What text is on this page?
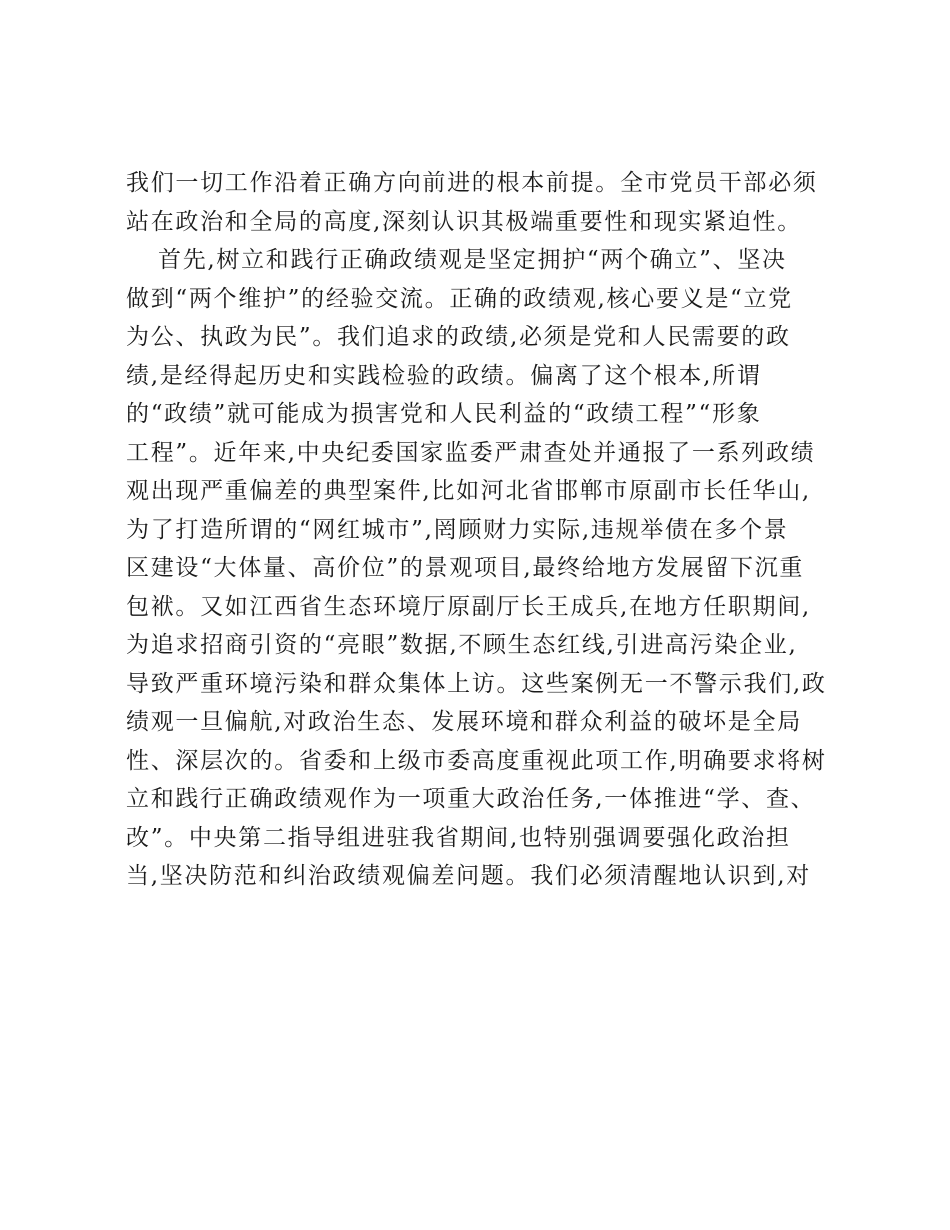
我们一切工作沿着正确方向前进的根本前提。全市党员干部必须
站在政治和全局的高度,深刻认识其极端重要性和现实紧迫性。
首先,树立和践行正确政绩观是坚定拥护“两个确立”、坚决
做到“两个维护”的经验交流。正确的政绩观,核心要义是“立党
为公、执政为民”。我们追求的政绩,必须是党和人民需要的政
绩,是经得起历史和实践检验的政绩。偏离了这个根本,所谓
的“政绩”就可能成为损害党和人民利益的“政绩工程”“形象
工程”。近年来,中央纪委国家监委严肃查处并通报了一系列政绩
观出现严重偏差的典型案件,比如河北省邯郸市原副市长任华山,
为了打造所谓的“网红城市”,罔顾财力实际,违规举债在多个景
区建设“大体量、高价位”的景观项目,最终给地方发展留下沉重
包袱。又如江西省生态环境厅原副厅长王成兵,在地方任职期间,
为追求招商引资的“亮眼”数据,不顾生态红线,引进高污染企业,
导致严重环境污染和群众集体上访。这些案例无一不警示我们,政
绩观一旦偏航,对政治生态、发展环境和群众利益的破坏是全局
性、深层次的。省委和上级市委高度重视此项工作,明确要求将树
立和践行正确政绩观作为一项重大政治任务,一体推进“学、查、
改”。中央第二指导组进驻我省期间,也特别强调要强化政治担
当,坚决防范和纠治政绩观偏差问题。我们必须清醒地认识到,对
